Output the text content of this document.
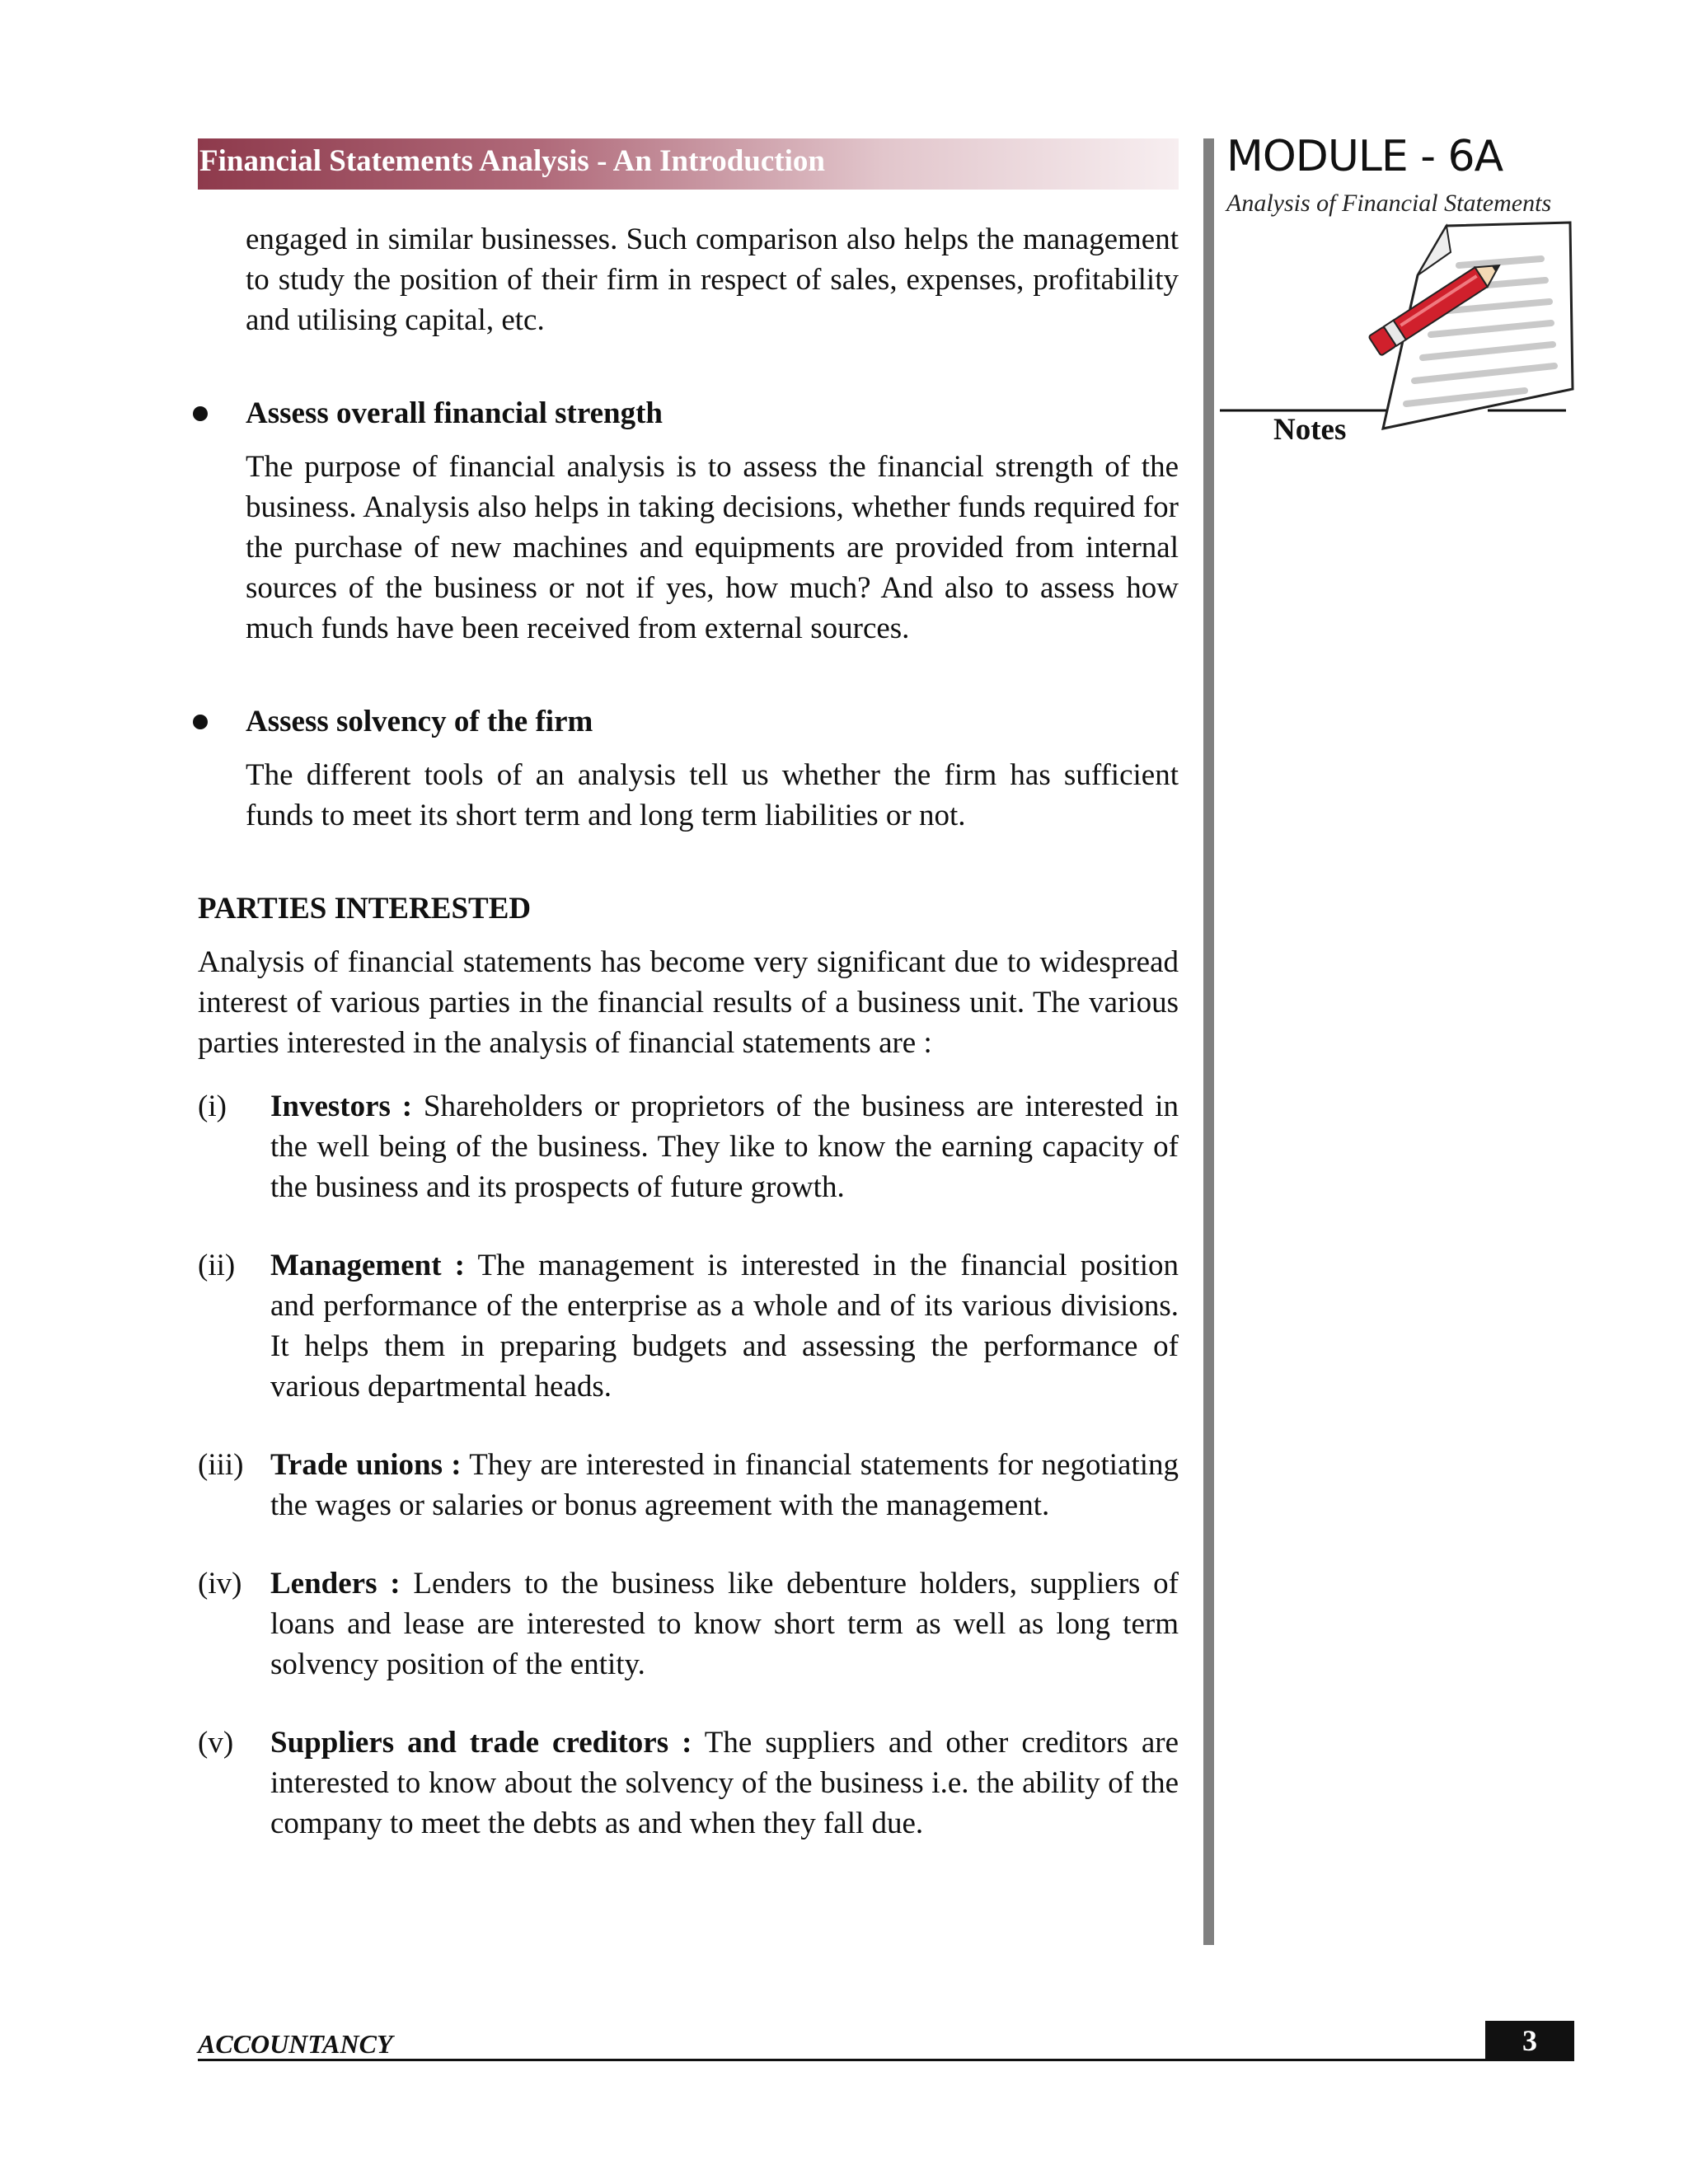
Financial Statements Analysis - An Introduction	MODULE - 6A
Analysis of Financial Statements
Notes

engaged in similar businesses. Such comparison also helps the management to study the position of their firm in respect of sales, expenses, profitability and utilising capital, etc.

Assess overall financial strength

The purpose of financial analysis is to assess the financial strength of the business. Analysis also helps in taking decisions, whether funds required for the purchase of new machines and equipments are provided from internal sources of the business or not if yes, how much? And also to assess how much funds have been received from external sources.

Assess solvency of the firm

The different tools of an analysis tell us whether the firm has sufficient funds to meet its short term and long term liabilities or not.

PARTIES INTERESTED

Analysis of financial statements has become very significant due to widespread interest of various parties in the financial results of a business unit. The various parties interested in the analysis of financial statements are :

(i) Investors : Shareholders or proprietors of the business are interested in the well being of the business. They like to know the earning capacity of the business and its prospects of future growth.
(ii) Management : The management is interested in the financial position and performance of the enterprise as a whole and of its various divisions. It helps them in preparing budgets and assessing the performance of various departmental heads.
(iii) Trade unions : They are interested in financial statements for negotiating the wages or salaries or bonus agreement with the management.
(iv) Lenders : Lenders to the business like debenture holders, suppliers of loans and lease are interested to know short term as well as long term solvency position of the entity.
(v) Suppliers and trade creditors : The suppliers and other creditors are interested to know about the solvency of the business i.e. the ability of the company to meet the debts as and when they fall due.
ACCOUNTANCY	3
